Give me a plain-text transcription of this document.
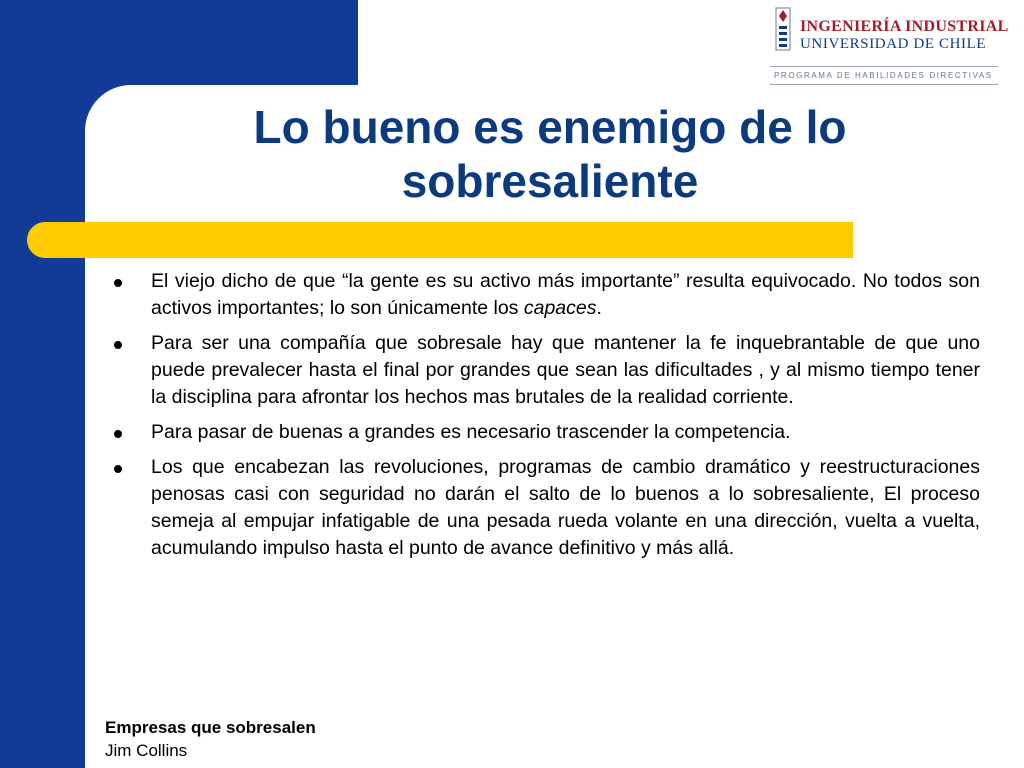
INGENIERÍA INDUSTRIAL
UNIVERSIDAD DE CHILE
PROGRAMA DE HABILIDADES DIRECTIVAS
Lo bueno es enemigo de lo sobresaliente
El viejo dicho de que “la gente es su activo más importante” resulta equivocado. No todos son activos importantes; lo son únicamente los capaces.
Para ser una compañía que sobresale hay que mantener la fe inquebrantable de que uno puede prevalecer hasta el final por grandes que sean las dificultades , y al mismo tiempo tener la disciplina para afrontar los hechos mas brutales de la realidad corriente.
Para pasar de buenas a grandes es necesario trascender la competencia.
Los que encabezan las revoluciones, programas de cambio dramático y reestructuraciones penosas casi con seguridad no darán el salto de lo buenos a lo sobresaliente, El proceso semeja al empujar infatigable de una pesada rueda volante en una dirección, vuelta a vuelta, acumulando impulso hasta el punto de avance definitivo y más allá.
Empresas que sobresalen
Jim Collins
